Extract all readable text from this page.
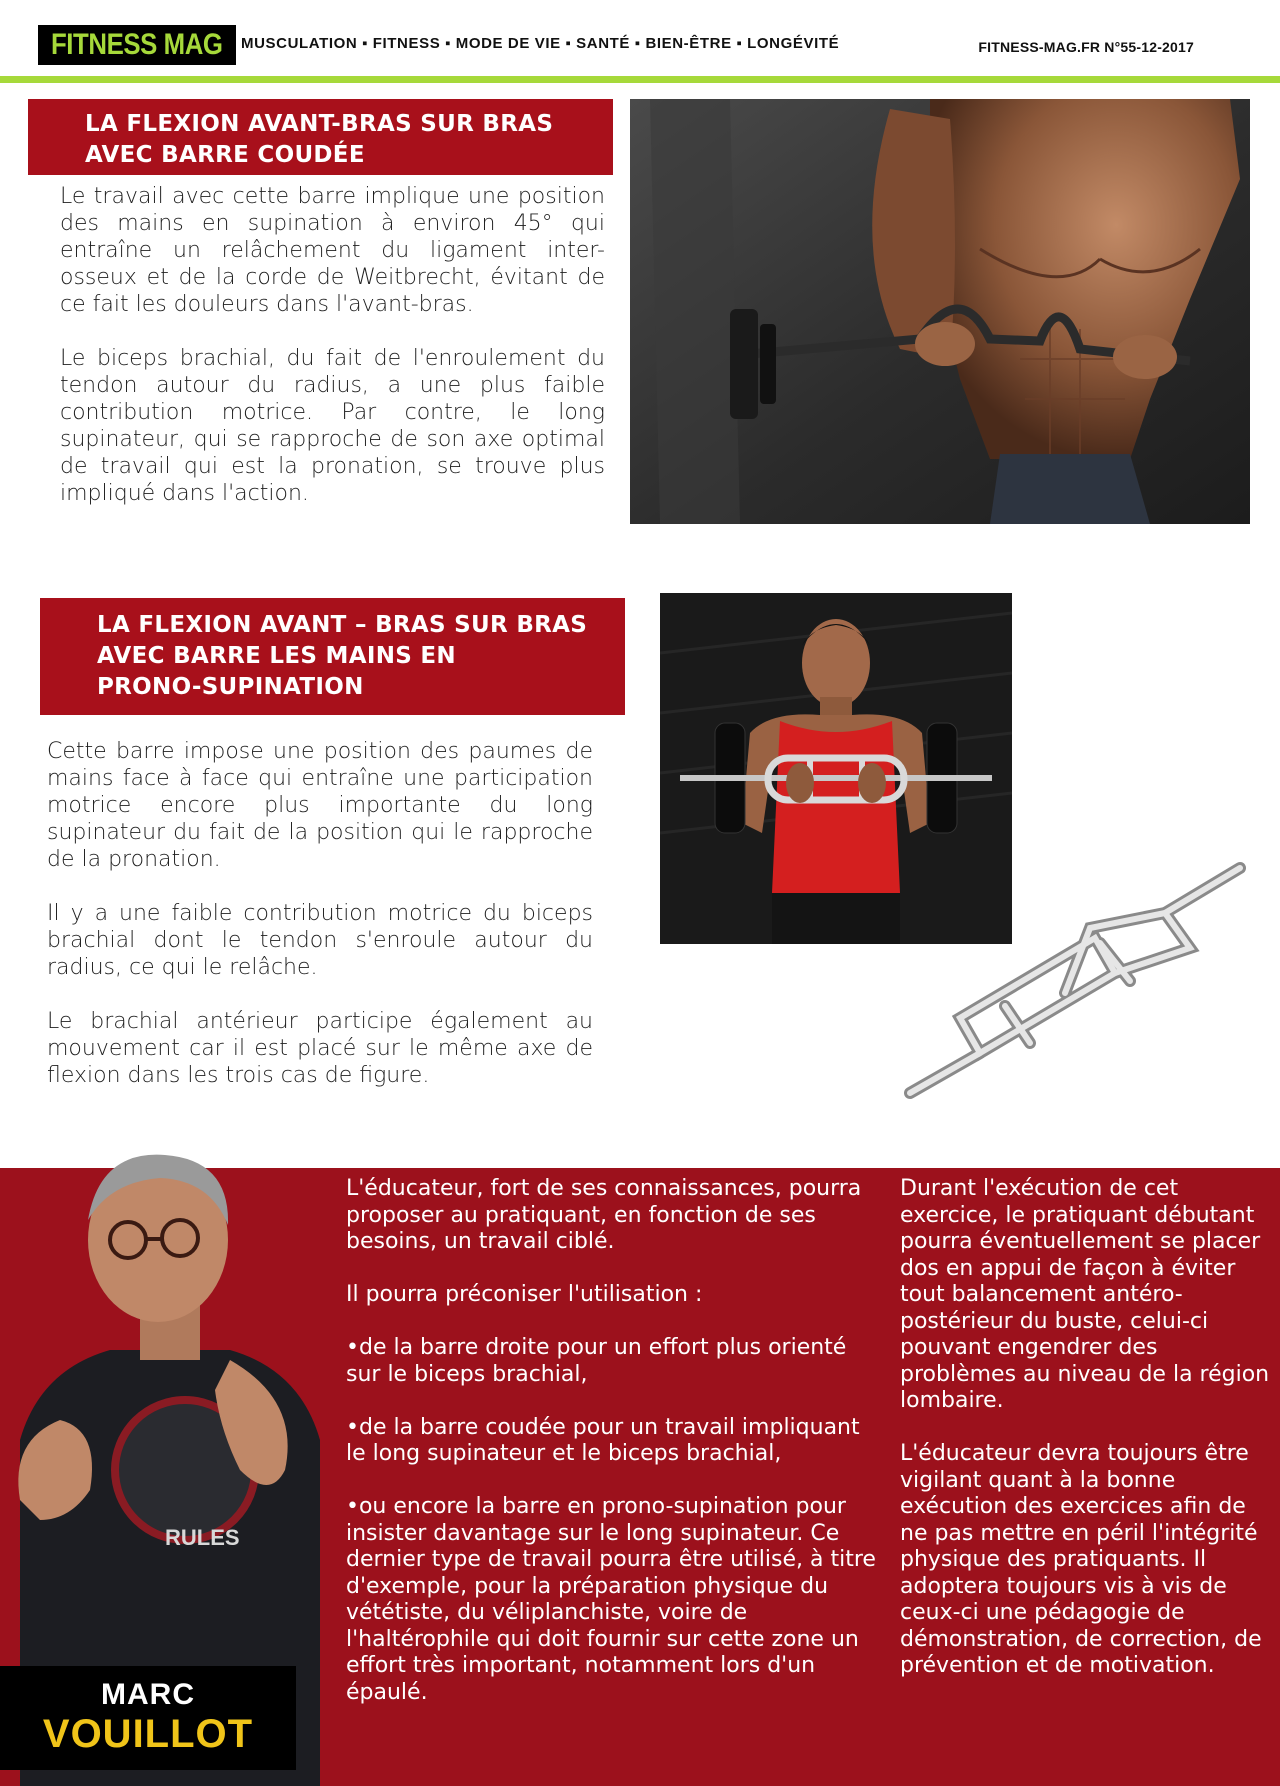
FITNESS MAG MUSCULATION ▪ FITNESS ▪ MODE DE VIE ▪ SANTÉ ▪ BIEN-ÊTRE ▪ LONGÉVITÉ	FITNESS-MAG.FR N°55-12-2017
LA FLEXION AVANT-BRAS SUR BRAS
AVEC BARRE COUDÉE

Le travail avec cette barre implique une position des mains en supination à environ 45° qui entraîne un relâchement du ligament inter-osseux et de la corde de Weitbrecht, évitant de ce fait les douleurs dans l'avant-bras.

Le biceps brachial, du fait de l'enroulement du tendon autour du radius, a une plus faible contribution motrice. Par contre, le long supinateur, qui se rapproche de son axe optimal de travail qui est la pronation, se trouve plus impliqué dans l'action.

LA FLEXION AVANT – BRAS SUR BRAS
AVEC BARRE LES MAINS EN
PRONO-SUPINATION

Cette barre impose une position des paumes de mains face à face qui entraîne une participation motrice encore plus importante du long supinateur du fait de la position qui le rapproche de la pronation.

Il y a une faible contribution motrice du biceps brachial dont le tendon s'enroule autour du radius, ce qui le relâche.

Le brachial antérieur participe également au mouvement car il est placé sur le même axe de flexion dans les trois cas de figure.

RULES
MARC
VOUILLOT

L'éducateur, fort de ses connaissances, pourra proposer au pratiquant, en fonction de ses besoins, un travail ciblé.

Il pourra préconiser l'utilisation :

•de la barre droite pour un effort plus orienté sur le biceps brachial,

•de la barre coudée pour un travail impliquant le long supinateur et le biceps brachial,

•ou encore la barre en prono-supination pour insister davantage sur le long supinateur. Ce dernier type de travail pourra être utilisé, à titre d'exemple, pour la préparation physique du vététiste, du véliplanchiste, voire de l'haltérophile qui doit fournir sur cette zone un effort très important, notamment lors d'un épaulé.

Durant l'exécution de cet exercice, le pratiquant débutant pourra éventuellement se placer dos en appui de façon à éviter tout balancement antéro-postérieur du buste, celui-ci pouvant engendrer des problèmes au niveau de la région lombaire.

L'éducateur devra toujours être vigilant quant à la bonne exécution des exercices afin de ne pas mettre en péril l'intégrité physique des pratiquants. Il adoptera toujours vis à vis de ceux-ci une pédagogie de démonstration, de correction, de prévention et de motivation.
